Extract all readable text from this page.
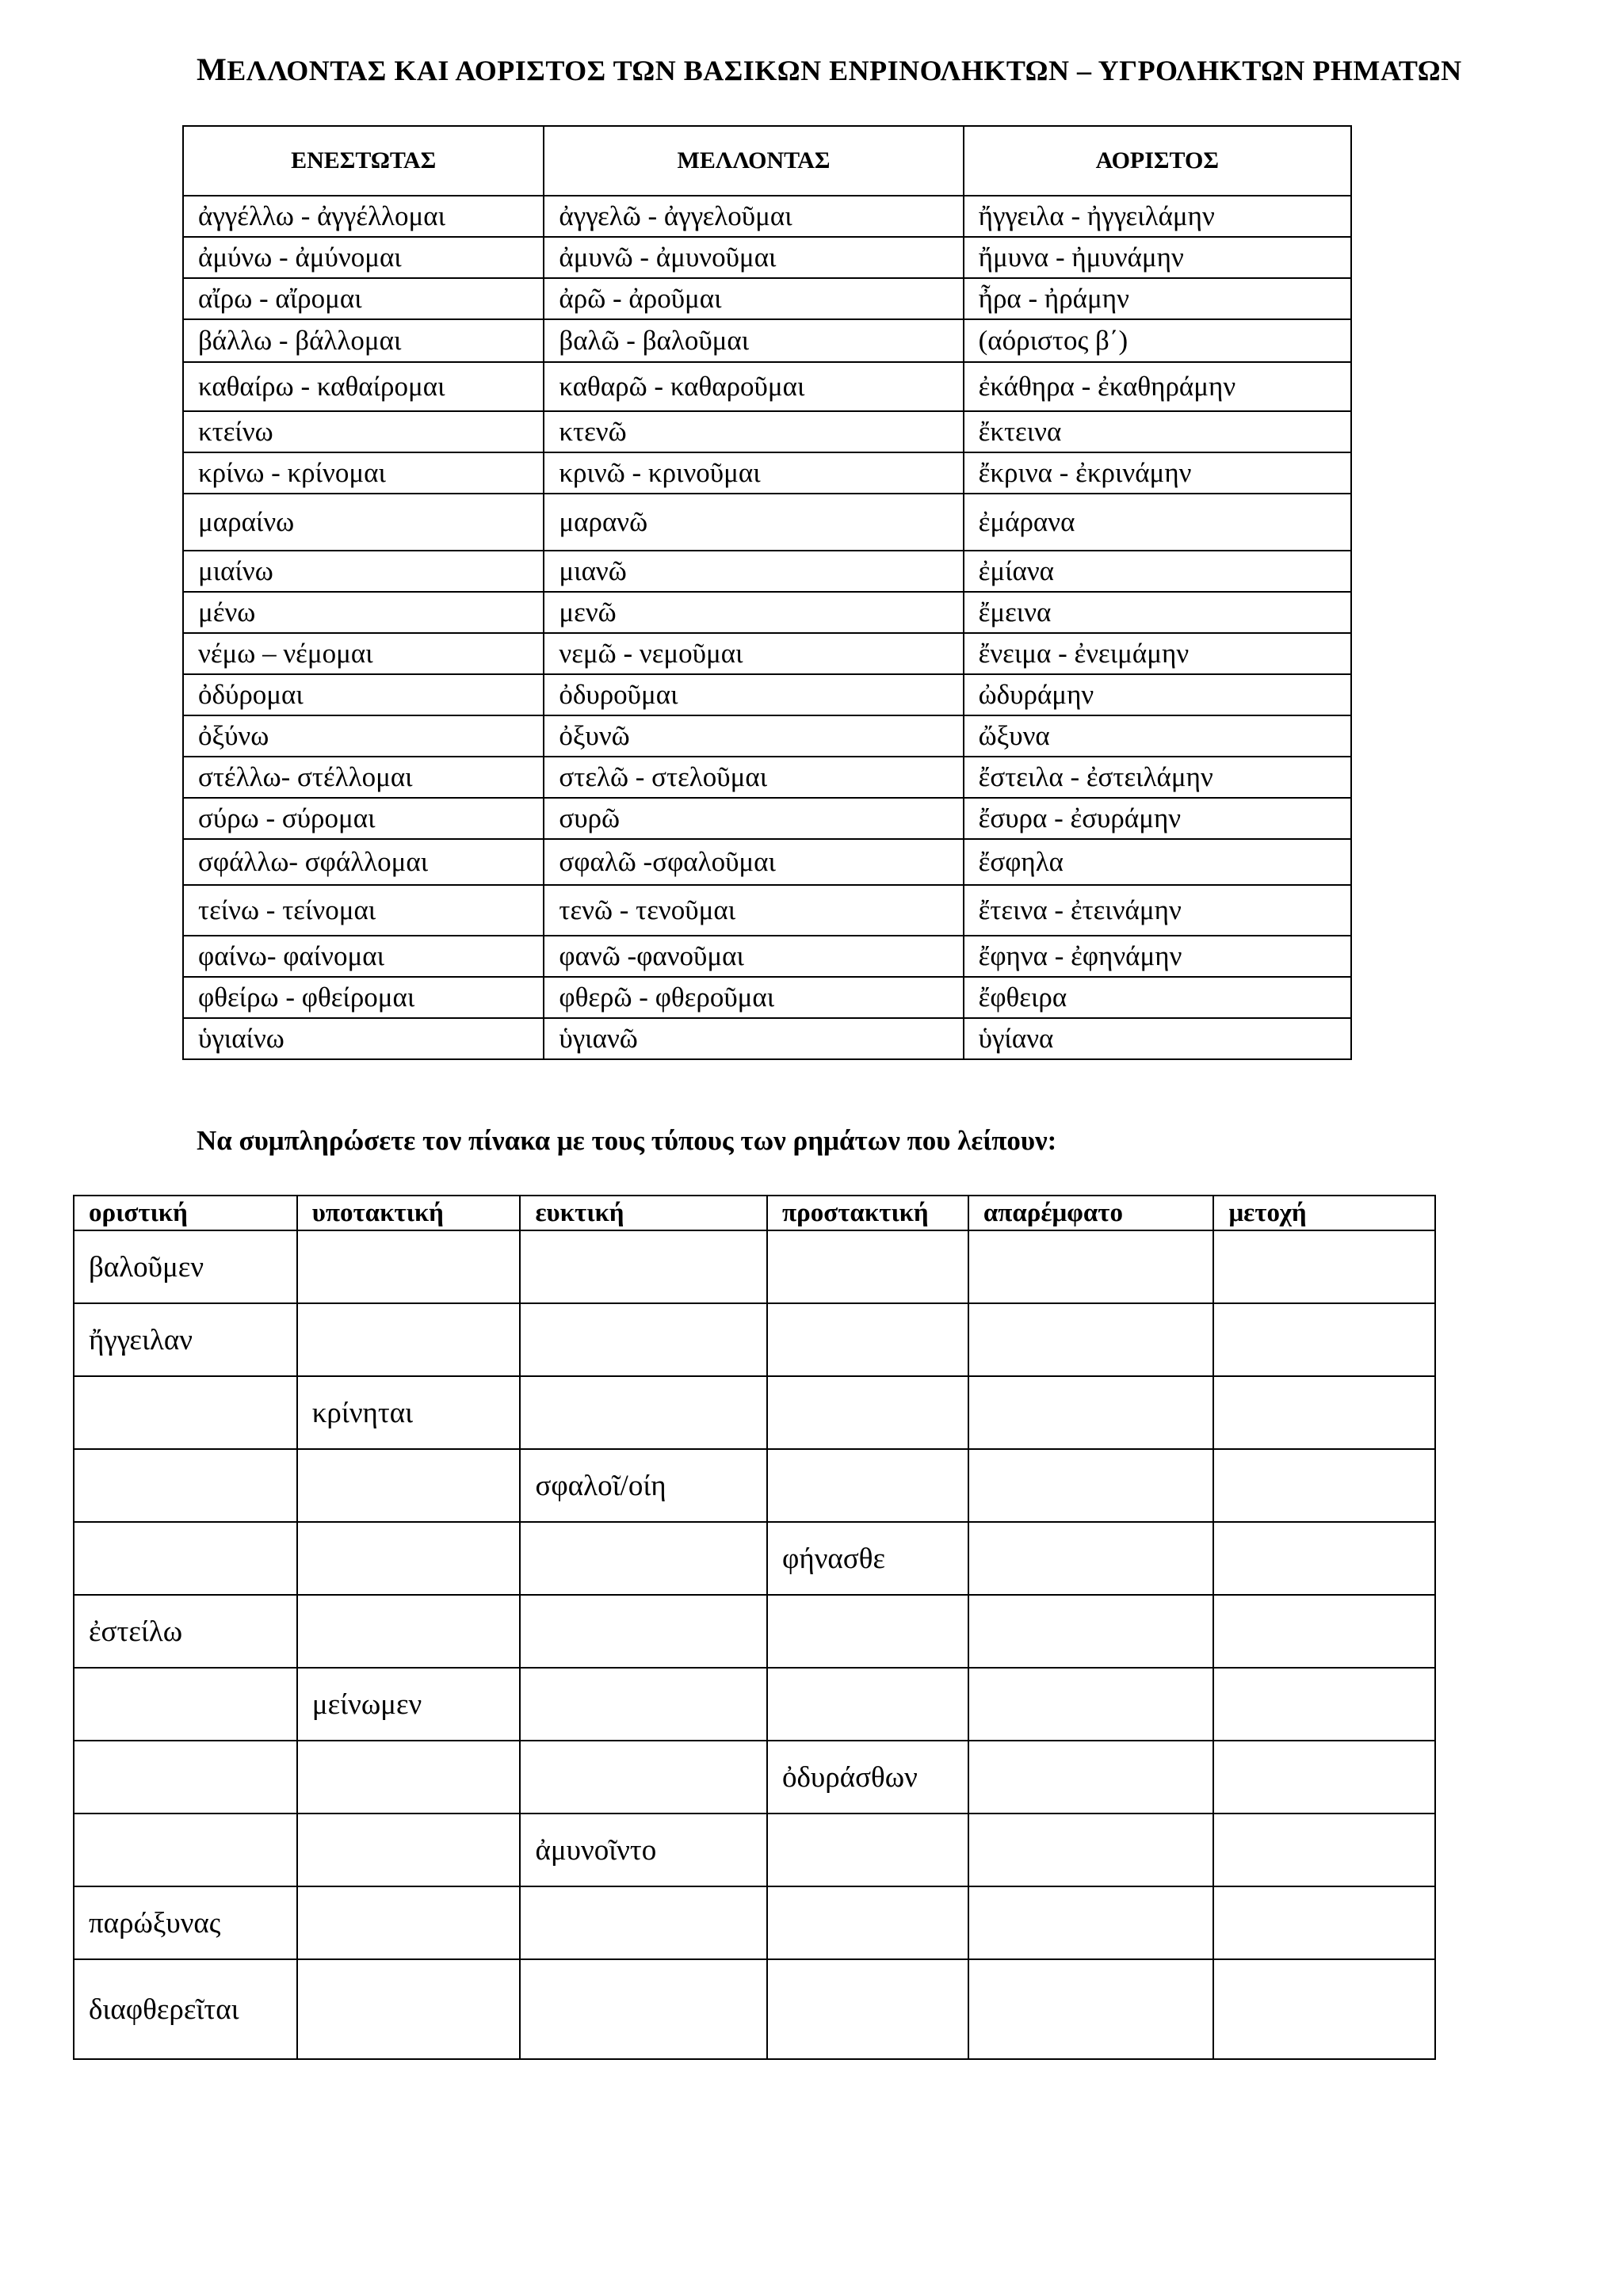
ΜΕΛΛΟΝΤΑΣ ΚΑΙ ΑΟΡΙΣΤΟΣ ΤΩΝ ΒΑΣΙΚΩΝ ΕΝΡΙΝΟΛΗΚΤΩΝ – ΥΓΡΟΛΗΚΤΩΝ ΡΗΜΑΤΩΝ
ΕΝΕΣΤΩΤΑΣ	ΜΕΛΛΟΝΤΑΣ	ΑΟΡΙΣΤΟΣ
ἀγγέλλω - ἀγγέλλομαι	ἀγγελῶ - ἀγγελοῦμαι	ἤγγειλα - ἠγγειλάμην
ἀμύνω - ἀμύνομαι	ἀμυνῶ - ἀμυνοῦμαι	ἤμυνα - ἠμυνάμην
αἴρω - αἴρομαι	ἀρῶ - ἀροῦμαι	ἦρα - ἠράμην
βάλλω - βάλλομαι	βαλῶ - βαλοῦμαι	(αόριστος β΄)
καθαίρω - καθαίρομαι	καθαρῶ - καθαροῦμαι	ἐκάθηρα - ἐκαθηράμην
κτείνω	κτενῶ	ἔκτεινα
κρίνω - κρίνομαι	κρινῶ - κρινοῦμαι	ἔκρινα - ἐκρινάμην
μαραίνω	μαρανῶ	ἐμάρανα
μιαίνω	μιανῶ	ἐμίανα
μένω	μενῶ	ἔμεινα
νέμω – νέμομαι	νεμῶ - νεμοῦμαι	ἔνειμα - ἐνειμάμην
ὀδύρομαι	ὀδυροῦμαι	ὠδυράμην
ὀξύνω	ὀξυνῶ	ὤξυνα
στέλλω- στέλλομαι	στελῶ - στελοῦμαι	ἔστειλα - ἐστειλάμην
σύρω - σύρομαι	συρῶ	ἔσυρα - ἐσυράμην
σφάλλω- σφάλλομαι	σφαλῶ -σφαλοῦμαι	ἔσφηλα
τείνω - τείνομαι	τενῶ - τενοῦμαι	ἔτεινα - ἐτεινάμην
φαίνω- φαίνομαι	φανῶ -φανοῦμαι	ἔφηνα - ἐφηνάμην
φθείρω - φθείρομαι	φθερῶ - φθεροῦμαι	ἔφθειρα
ὑγιαίνω	ὑγιανῶ	ὑγίανα
Να συμπληρώσετε τον πίνακα με τους τύπους των ρημάτων που λείπουν:
οριστική	υποτακτική	ευκτική	προστακτική	απαρέμφατο	μετοχή
βαλοῦμεν					
ἤγγειλαν					
	κρίνηται				
		σφαλοῖ/οίη			
			φήνασθε		
ἐστείλω					
	μείνωμεν				
			ὀδυράσθων		
		ἀμυνοῖντο			
παρώξυνας					
διαφθερεῖται					
